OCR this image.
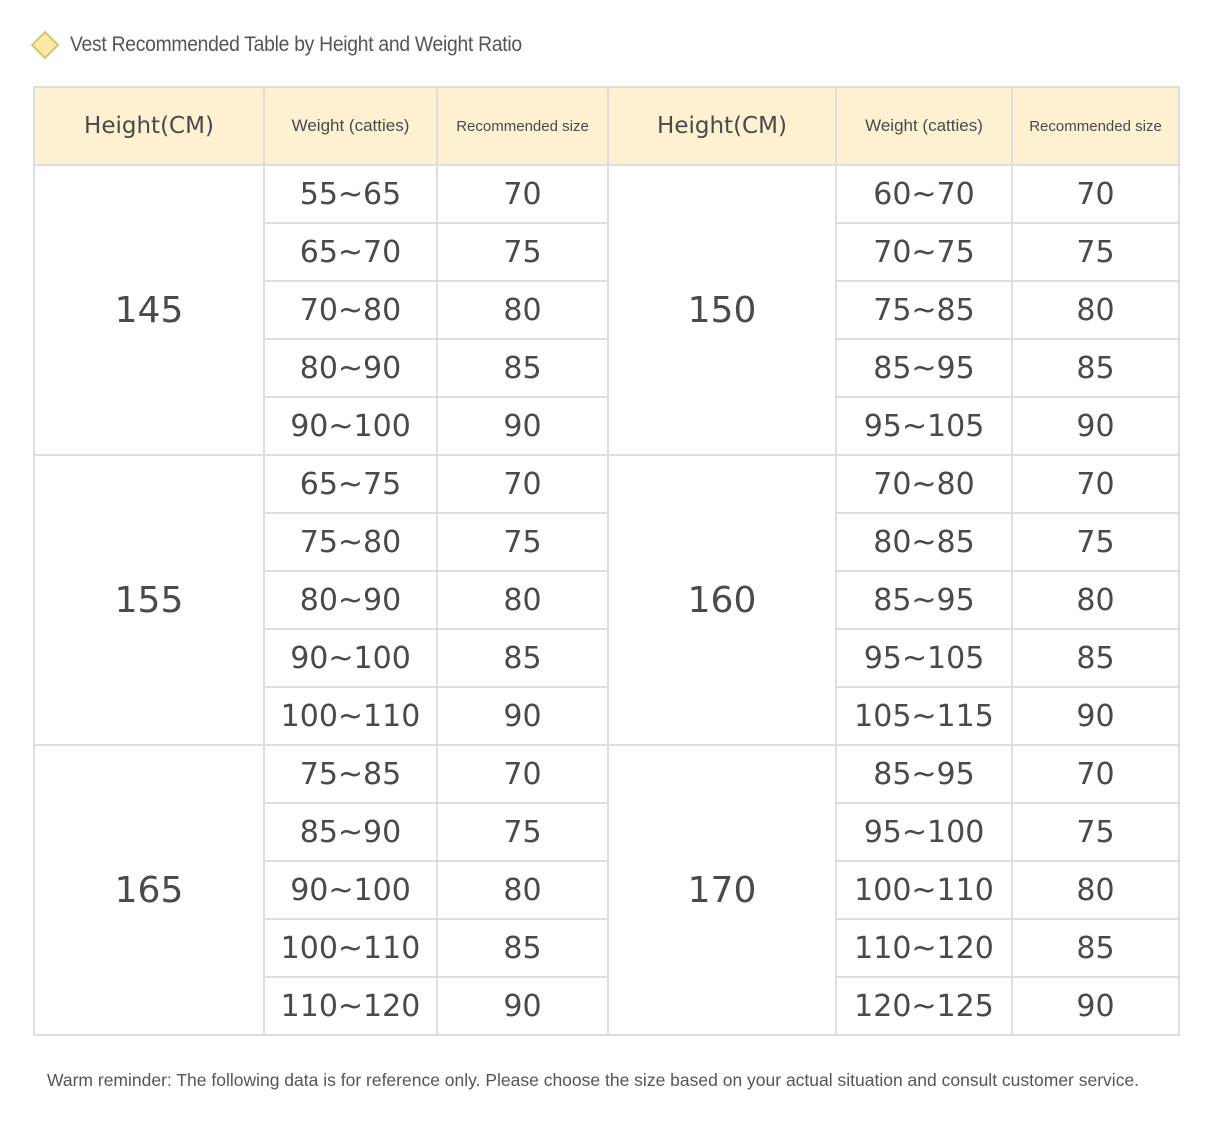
Vest Recommended Table by Height and Weight Ratio
Height(CM)	Weight (catties)	Recommended size	Height(CM)	Weight (catties)	Recommended size
145	55~65	70	150	60~70	70
	65~70	75		70~75	75
	70~80	80		75~85	80
	80~90	85		85~95	85
	90~100	90		95~105	90
155	65~75	70	160	70~80	70
	75~80	75		80~85	75
	80~90	80		85~95	80
	90~100	85		95~105	85
	100~110	90		105~115	90
165	75~85	70	170	85~95	70
	85~90	75		95~100	75
	90~100	80		100~110	80
	100~110	85		110~120	85
	110~120	90		120~125	90
Warm reminder: The following data is for reference only. Please choose the size based on your actual situation and consult customer service.
